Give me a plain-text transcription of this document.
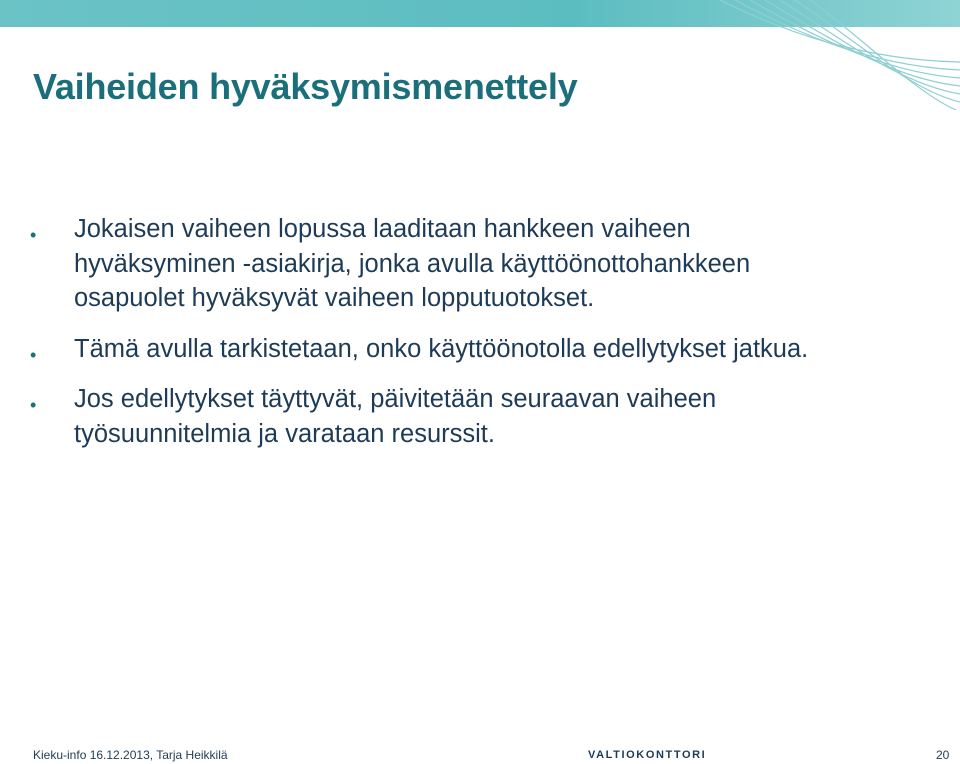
Vaiheiden hyväksymismenettely
• Jokaisen vaiheen lopussa laaditaan hankkeen vaiheen hyväksyminen -asiakirja, jonka avulla käyttöönottohankkeen osapuolet hyväksyvät vaiheen lopputuotokset.
• Tämä avulla tarkistetaan, onko käyttöönotolla edellytykset jatkua.
• Jos edellytykset täyttyvät, päivitetään seuraavan vaiheen työsuunnitelmia ja varataan resurssit.
Kieku-info 16.12.2013, Tarja Heikkilä	VALTIOKONTTORI	20
